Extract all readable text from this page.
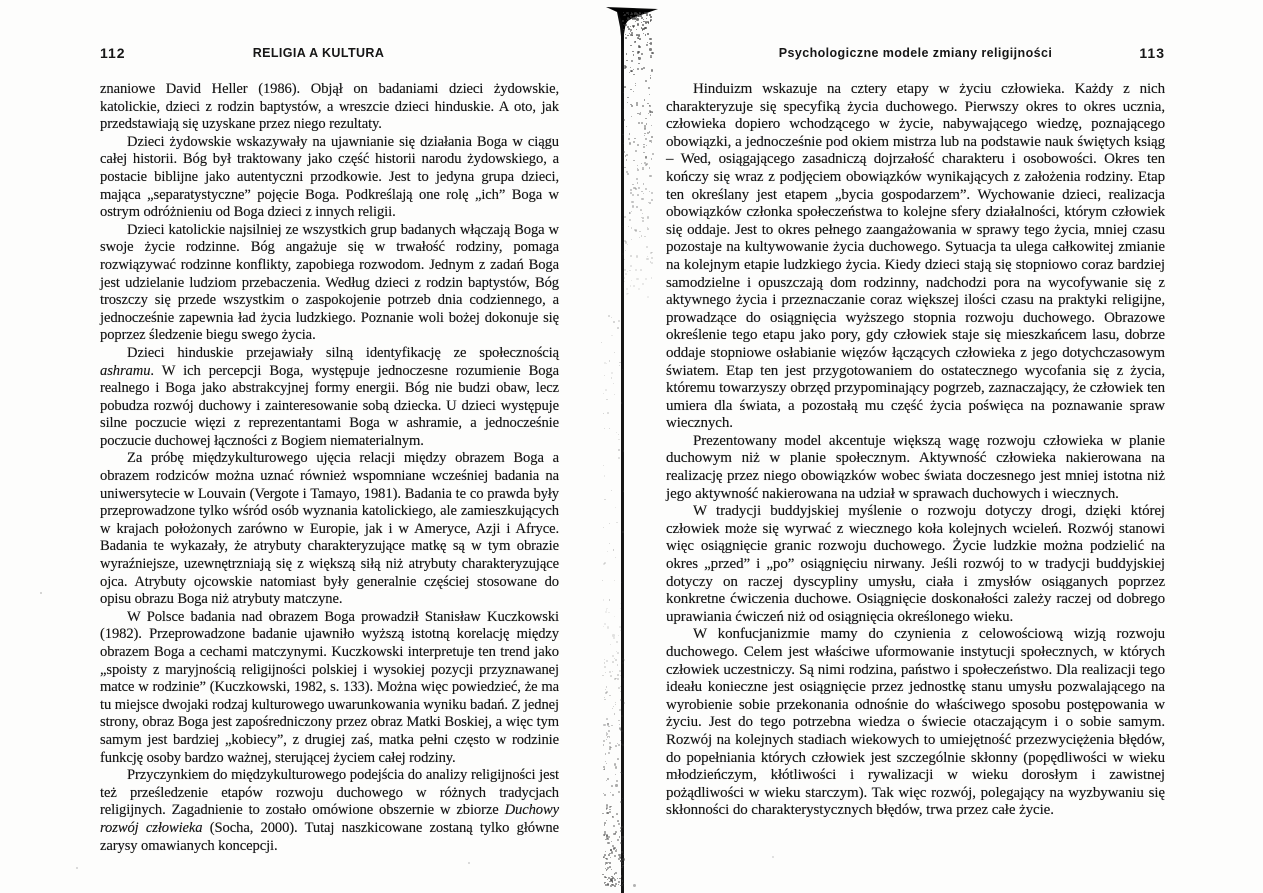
112	RELIGIA A KULTURA

znaniowe David Heller (1986). Objął on badaniami dzieci żydowskie, katolickie, dzieci z rodzin baptystów, a wreszcie dzieci hinduskie. A oto, jak przedstawiają się uzyskane przez niego rezultaty.

Dzieci żydowskie wskazywały na ujawnianie się działania Boga w ciągu całej historii. Bóg był traktowany jako część historii narodu żydowskiego, a postacie biblijne jako autentyczni przodkowie. Jest to jedyna grupa dzieci, mająca „separatystyczne” pojęcie Boga. Podkreślają one rolę „ich” Boga w ostrym odróżnieniu od Boga dzieci z innych religii.

Dzieci katolickie najsilniej ze wszystkich grup badanych włączają Boga w swoje życie rodzinne. Bóg angażuje się w trwałość rodziny, pomaga rozwiązywać rodzinne konflikty, zapobiega rozwodom. Jednym z zadań Boga jest udzielanie ludziom przebaczenia. Według dzieci z rodzin baptystów, Bóg troszczy się przede wszystkim o zaspokojenie potrzeb dnia codziennego, a jednocześnie zapewnia ład życia ludzkiego. Poznanie woli bożej dokonuje się poprzez śledzenie biegu swego życia.

Dzieci hinduskie przejawiały silną identyfikację ze społecznością ashramu. W ich percepcji Boga, występuje jednoczesne rozumienie Boga realnego i Boga jako abstrakcyjnej formy energii. Bóg nie budzi obaw, lecz pobudza rozwój duchowy i zainteresowanie sobą dziecka. U dzieci występuje silne poczucie więzi z reprezentantami Boga w ashramie, a jednocześnie poczucie duchowej łączności z Bogiem niematerialnym.

Za próbę międzykulturowego ujęcia relacji między obrazem Boga a obrazem rodziców można uznać również wspomniane wcześniej badania na uniwersytecie w Louvain (Vergote i Tamayo, 1981). Badania te co prawda były przeprowadzone tylko wśród osób wyznania katolickiego, ale zamieszkujących w krajach położonych zarówno w Europie, jak i w Ameryce, Azji i Afryce. Badania te wykazały, że atrybuty charakteryzujące matkę są w tym obrazie wyraźniejsze, uzewnętrzniają się z większą siłą niż atrybuty charakteryzujące ojca. Atrybuty ojcowskie natomiast były generalnie częściej stosowane do opisu obrazu Boga niż atrybuty matczyne.

W Polsce badania nad obrazem Boga prowadził Stanisław Kuczkowski (1982). Przeprowadzone badanie ujawniło wyższą istotną korelację między obrazem Boga a cechami matczynymi. Kuczkowski interpretuje ten trend jako „spoisty z maryjnością religijności polskiej i wysokiej pozycji przyznawanej matce w rodzinie” (Kuczkowski, 1982, s. 133). Można więc powiedzieć, że ma tu miejsce dwojaki rodzaj kulturowego uwarunkowania wyniku badań. Z jednej strony, obraz Boga jest zapośredniczony przez obraz Matki Boskiej, a więc tym samym jest bardziej „kobiecy”, z drugiej zaś, matka pełni często w rodzinie funkcję osoby bardzo ważnej, sterującej życiem całej rodziny.

Przyczynkiem do międzykulturowego podejścia do analizy religijności jest też prześledzenie etapów rozwoju duchowego w różnych tradycjach religijnych. Zagadnienie to zostało omówione obszernie w zbiorze Duchowy rozwój człowieka (Socha, 2000). Tutaj naszkicowane zostaną tylko główne zarysy omawianych koncepcji.

Psychologiczne modele zmiany religijności	113

Hinduizm wskazuje na cztery etapy w życiu człowieka. Każdy z nich charakteryzuje się specyfiką życia duchowego. Pierwszy okres to okres ucznia, człowieka dopiero wchodzącego w życie, nabywającego wiedzę, poznającego obowiązki, a jednocześnie pod okiem mistrza lub na podstawie nauk świętych ksiąg – Wed, osiągającego zasadniczą dojrzałość charakteru i osobowości. Okres ten kończy się wraz z podjęciem obowiązków wynikających z założenia rodziny. Etap ten określany jest etapem „bycia gospodarzem”. Wychowanie dzieci, realizacja obowiązków członka społeczeństwa to kolejne sfery działalności, którym człowiek się oddaje. Jest to okres pełnego zaangażowania w sprawy tego życia, mniej czasu pozostaje na kultywowanie życia duchowego. Sytuacja ta ulega całkowitej zmianie na kolejnym etapie ludzkiego życia. Kiedy dzieci stają się stopniowo coraz bardziej samodzielne i opuszczają dom rodzinny, nadchodzi pora na wycofywanie się z aktywnego życia i przeznaczanie coraz większej ilości czasu na praktyki religijne, prowadzące do osiągnięcia wyższego stopnia rozwoju duchowego. Obrazowe określenie tego etapu jako pory, gdy człowiek staje się mieszkańcem lasu, dobrze oddaje stopniowe osłabianie więzów łączących człowieka z jego dotychczasowym światem. Etap ten jest przygotowaniem do ostatecznego wycofania się z życia, któremu towarzyszy obrzęd przypominający pogrzeb, zaznaczający, że człowiek ten umiera dla świata, a pozostałą mu część życia poświęca na poznawanie spraw wiecznych.

Prezentowany model akcentuje większą wagę rozwoju człowieka w planie duchowym niż w planie społecznym. Aktywność człowieka nakierowana na realizację przez niego obowiązków wobec świata doczesnego jest mniej istotna niż jego aktywność nakierowana na udział w sprawach duchowych i wiecznych.

W tradycji buddyjskiej myślenie o rozwoju dotyczy drogi, dzięki której człowiek może się wyrwać z wiecznego koła kolejnych wcieleń. Rozwój stanowi więc osiągnięcie granic rozwoju duchowego. Życie ludzkie można podzielić na okres „przed” i „po” osiągnięciu nirwany. Jeśli rozwój to w tradycji buddyjskiej dotyczy on raczej dyscypliny umysłu, ciała i zmysłów osiąganych poprzez konkretne ćwiczenia duchowe. Osiągnięcie doskonałości zależy raczej od dobrego uprawiania ćwiczeń niż od osiągnięcia określonego wieku.

W konfucjanizmie mamy do czynienia z celowościową wizją rozwoju duchowego. Celem jest właściwe uformowanie instytucji społecznych, w których człowiek uczestniczy. Są nimi rodzina, państwo i społeczeństwo. Dla realizacji tego ideału konieczne jest osiągnięcie przez jednostkę stanu umysłu pozwalającego na wyrobienie sobie przekonania odnośnie do właściwego sposobu postępowania w życiu. Jest do tego potrzebna wiedza o świecie otaczającym i o sobie samym. Rozwój na kolejnych stadiach wiekowych to umiejętność przezwyciężenia błędów, do popełniania których człowiek jest szczególnie skłonny (popędliwości w wieku młodzieńczym, kłótliwości i rywalizacji w wieku dorosłym i zawistnej pożądliwości w wieku starczym). Tak więc rozwój, polegający na wyzbywaniu się skłonności do charakterystycznych błędów, trwa przez całe życie.
